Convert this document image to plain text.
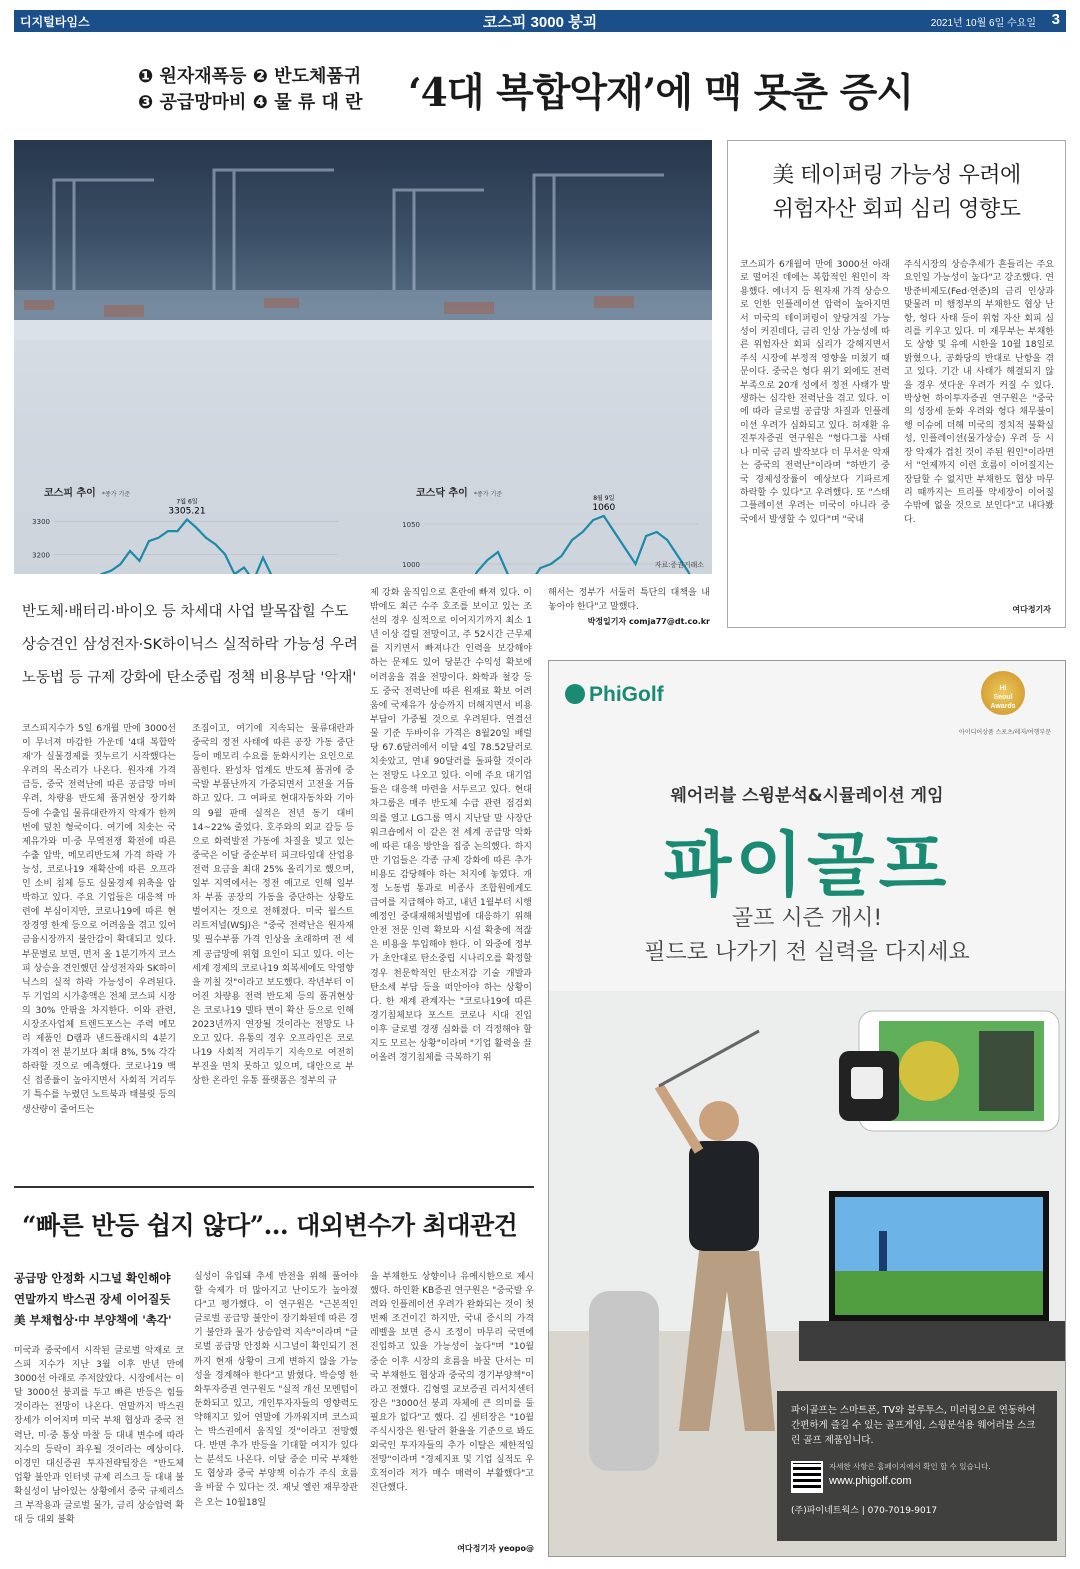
디지털타임스	코스피 3000 붕괴	2021년 10월 6일 수요일 3
❶ 원자재폭등 ❷ 반도체품귀
❸ 공급망마비 ❹ 물 류 대 란	‘4대 복합악재’에 맥 못춘 증시
코스피 추이 *종가 기준
3300
3200
7월 6일
3305.21
코스닥 추이 *종가 기준
1050
1000
8월 9일
1060
자료:증권거래소
美 테이퍼링 가능성 우려에
위험자산 회피 심리 영향도

코스피가 6개월여 만에 3000선 아래로 떨어진 데에는 복합적인 원인이 작용했다. 에너지 등 원자재 가격 상승으로 인한 인플레이션 압력이 높아지면서 미국의 테이퍼링이 앞당겨질 가능성이 커진데다, 금리 인상 가능성에 따른 위험자산 회피 심리가 강해지면서 주식 시장에 부정적 영향을 미쳤기 때문이다. 중국은 헝다 위기 외에도 전력부족으로 20개 성에서 정전 사태가 발생하는 심각한 전력난을 겪고 있다. 이에 따라 글로벌 공급망 차질과 인플레이션 우려가 심화되고 있다. 허재환 유진투자증권 연구원은 "헝다그룹 사태나 미국 금리 발작보다 더 무서운 악재는 중국의 전력난"이라며 "하반기 중국 경제성장률이 예상보다 기파르게 하락할 수 있다"고 우려했다. 또 "스태그플레이션 우려는 미국이 아니라 중국에서 발생할 수 있다"며 "국내

주식시장의 상승추세가 흔들리는 주요 요인일 가능성이 높다"고 강조했다. 연방준비제도(Fed·연준)의 금리 인상과 맞물려 미 행정부의 부채한도 협상 난항, 헝다 사태 등이 위험 자산 회피 심리를 키우고 있다. 미 재무부는 부채한도 상향 및 유예 시한을 10월 18일로 밝혔으나, 공화당의 반대로 난항을 겪고 있다. 기간 내 사태가 해결되지 않을 경우 셧다운 우려가 커질 수 있다. 박상현 하이투자증권 연구원은 "중국의 성장세 둔화 우려와 헝다 채무불이행 이슈에 더해 미국의 정치적 불확실성, 인플레이션(물가상승) 우려 등 시장 악재가 겹친 것이 주된 원인"이라면서 "언제까지 이런 흐름이 이어질지는 장담할 수 없지만 부채한도 협상 마무리 때까지는 트리플 약세장이 이어질 수밖에 없을 것으로 보인다"고 내다봤다.

여다정기자
반도체·배터리·바이오 등 차세대 사업 발목잡힐 수도
상승견인 삼성전자·SK하이닉스 실적하락 가능성 우려
노동법 등 규제 강화에 탄소중립 정책 비용부담 '악재'

코스피지수가 5일 6개월 만에 3000선이 무너져 마감한 가운데 '4대 복합악재'가 실물경제를 짓누르기 시작했다는 우려의 목소리가 나온다. 원자재 가격 급등, 중국 전력난에 따른 공급망 마비 우려, 차량용 반도체 품귀현상 장기화 등에 수출입 물류대란까지 악재가 한꺼번에 덮친 형국이다. 여기에 치솟는 국제유가와 미·중 무역전쟁 확전에 따른 수출 압박, 메모리반도체 가격 하락 가능성, 코로나19 재확산에 따른 오프라인 소비 침체 등도 실물경제 위축을 압박하고 있다. 주요 기업들은 대응책 마련에 부심이지만, 코로나19에 따른 현장경영 한계 등으로 어려움을 겪고 있어 금융시장까지 불안감이 확대되고 있다. 부문별로 보면, 먼저 올 1분기까지 코스피 상승을 견인했던 삼성전자와 SK하이닉스의 실적 하락 가능성이 우려된다. 두 기업의 시가총액은 전체 코스피 시장의 30% 안팎을 차지한다. 이와 관련, 시장조사업체 트렌드포스는 주력 메모리 제품인 D램과 낸드플래시의 4분기 가격이 전 분기보다 최대 8%, 5% 각각 하락할 것으로 예측했다. 코로나19 백신 접종률이 높아지면서 사회적 거리두기 특수를 누렸던 노트북과 태블릿 등의 생산량이 줄어드는

조짐이고, 여기에 지속되는 물류대란과 중국의 정전 사태에 따른 공장 가동 중단 등이 메모리 수요를 둔화시키는 요인으로 꼽힌다. 완성차 업계도 반도체 품귀에 중국발 부품난까지 가중되면서 고전을 거듭하고 있다. 그 여파로 현대자동차와 기아의 9월 판매 실적은 전년 동기 대비 14~22% 줄었다. 호주와의 외교 갈등 등으로 화력발전 가동에 차질을 빚고 있는 중국은 이달 중순부터 피크타임대 산업용 전력 요금을 최대 25% 올리기로 했으며, 일부 지역에서는 정전 예고로 인해 일부 차 부품 공장의 가동을 중단하는 상황도 벌어지는 것으로 전해졌다. 미국 월스트리트저널(WSJ)은 "중국 전력난은 원자재 및 필수부품 가격 인상을 초래하며 전 세계 공급망에 위협 요인이 되고 있다. 이는 세계 경제의 코로나19 회복세에도 악영향을 끼칠 것"이라고 보도했다. 작년부터 이어진 차량용 전력 반도체 등의 품귀현상은 코로나19 델타 변이 확산 등으로 인해 2023년까지 연장될 것이라는 전망도 나오고 있다. 유통의 경우 오프라인은 코로나19 사회적 거리두기 지속으로 여전히 부진을 면치 못하고 있으며, 대안으로 부상한 온라인 유통 플랫폼은 정부의 규

제 강화 움직임으로 혼란에 빠져 있다. 이 밖에도 최근 수주 호조를 보이고 있는 조선의 경우 실적으로 이어지기까지 최소 1년 이상 걸릴 전망이고, 주 52시간 근무제를 지키면서 빠져나간 인력을 보강해야 하는 문제도 있어 당분간 수익성 확보에 어려움을 겪을 전망이다. 화학과 철강 등도 중국 전력난에 따른 원재료 확보 어려움에 국제유가 상승까지 더해지면서 비용 부담이 가중될 것으로 우려된다. 연결선물 기준 두바이유 가격은 8월20일 배럴 당 67.6달러에서 이달 4일 78.52달러로 치솟았고, 연내 90달러를 돌파할 것이라는 전망도 나오고 있다. 이에 주요 대기업들은 대응책 마련을 서두르고 있다. 현대차그룹은 매주 반도체 수급 관련 점검회의를 열고 LG그룹 역시 지난달 말 사장단 워크숍에서 이 같은 전 세계 공급망 악화에 따른 대응 방안을 집중 논의했다. 하지만 기업들은 각종 규제 강화에 따른 추가 비용도 감당해야 하는 처지에 놓였다. 개정 노동법 통과로 비종사 조합원에게도 급여를 지급해야 하고, 내년 1월부터 시행 예정인 중대재해처벌법에 대응하기 위해 안전 전문 인력 확보와 시설 확충에 적잖은 비용을 투입해야 한다. 이 와중에 정부가 초안대로 탄소중립 시나리오를 확정할 경우 천문학적인 탄소저감 기술 개발과 탄소세 부담 등을 떠안아야 하는 상황이다. 한 재계 관계자는 "코로나19에 따른 경기침체보다 포스트 코로나 시대 진입 이후 글로벌 경쟁 심화를 더 걱정해야 할 지도 모르는 상황"이라며 "기업 활력을 끌어올려 경기침체를 극복하기 위

해서는 정부가 서둘러 특단의 대책을 내놓아야 한다"고 말했다.

박정일기자 comja77@dt.co.kr
PhiGolf	Hi
Seoul
Awards
아이디어상품 스포츠/레저/여행부문
웨어러블 스윙분석&시뮬레이션 게임
파이골프
골프 시즌 개시!
필드로 나가기 전 실력을 다지세요

파이골프는 스마트폰, TV와 블루투스, 미러링으로 연동하여 간편하게 즐길 수 있는 골프게임, 스윙분석용 웨어러블 스크린 골프 제품입니다.

자세한 사항은 홈페이지에서 확인 할 수 있습니다.
www.phigolf.com
(주)파이네트웍스 | 070-7019-9017
“빠른 반등 쉽지 않다”… 대외변수가 최대관건
공급망 안정화 시그널 확인해야
연말까지 박스권 장세 이어질듯
美 부채협상·中 부양책에 '촉각'

미국과 중국에서 시작된 글로벌 악재로 코스피 지수가 지난 3월 이후 반년 만에 3000선 아래로 주저앉았다. 시장에서는 이달 3000선 붕괴를 두고 빠른 반등은 힘들 것이라는 전망이 나온다. 연말까지 박스권 장세가 이어지며 미국 부채 협상과 중국 전력난, 미·중 통상 마찰 등 대내 변수에 따라 지수의 등락이 좌우될 것이라는 예상이다. 이경민 대신증권 투자전략팀장은 "반도체 업황 불안과 인터넷 규제 리스크 등 대내 불확실성이 남아있는 상황에서 중국 규제리스크 부작용과 글로벌 물가, 금리 상승압력 확대 등 대외 불확

실성이 유입돼 추세 반전을 위해 풀어야 할 숙제가 더 많아지고 난이도가 높아졌다"고 평가했다. 이 연구원은 "근본적인 글로벌 공급망 불안이 장기화된데 따른 경기 불안과 물가 상승압력 지속"이라며 "글로벌 공급망 안정화 시그널이 확인되기 전까지 현재 상황이 크게 변하지 않을 가능성을 경계해야 한다"고 밝혔다. 박승영 한화투자증권 연구원도 "실적 개선 모멘텀이 둔화되고 있고, 개인투자자들의 영향력도 약해지고 있어 연말에 가까워지며 코스피는 박스권에서 움직일 것"이라고 전망했다. 반면 추가 반등을 기대할 여지가 있다는 분석도 나온다. 이달 중순 미국 부채한도 협상과 중국 부양책 이슈가 주식 흐름을 바꿀 수 있다는 것. 재닛 옐런 재무장관은 오는 10월18일

을 부채한도 상향이나 유예시한으로 제시했다. 하인환 KB증권 연구원은 "중국발 우려와 인플레이션 우려가 완화되는 것이 첫 번째 조건이긴 하지만, 국내 증시의 가격 레벨을 보면 증시 조정이 마무리 국면에 진입하고 있을 가능성이 높다"며 "10월 중순 이후 시장의 흐름을 바꿀 단서는 미국 부채한도 협상과 중국의 경기부양책"이라고 전했다. 김형렬 교보증권 리서치센터장은 "3000선 붕괴 자체에 큰 의미를 둘 필요가 없다"고 했다. 김 센터장은 "10월 주식시장은 원·달러 환율을 기준으로 봐도 외국인 투자자들의 추가 이탈은 제한적일 전망"이라며 "경제지표 및 기업 실적도 우호적이라 저가 매수 매력이 부활했다"고 진단했다.

여다정기자 yeopo@
